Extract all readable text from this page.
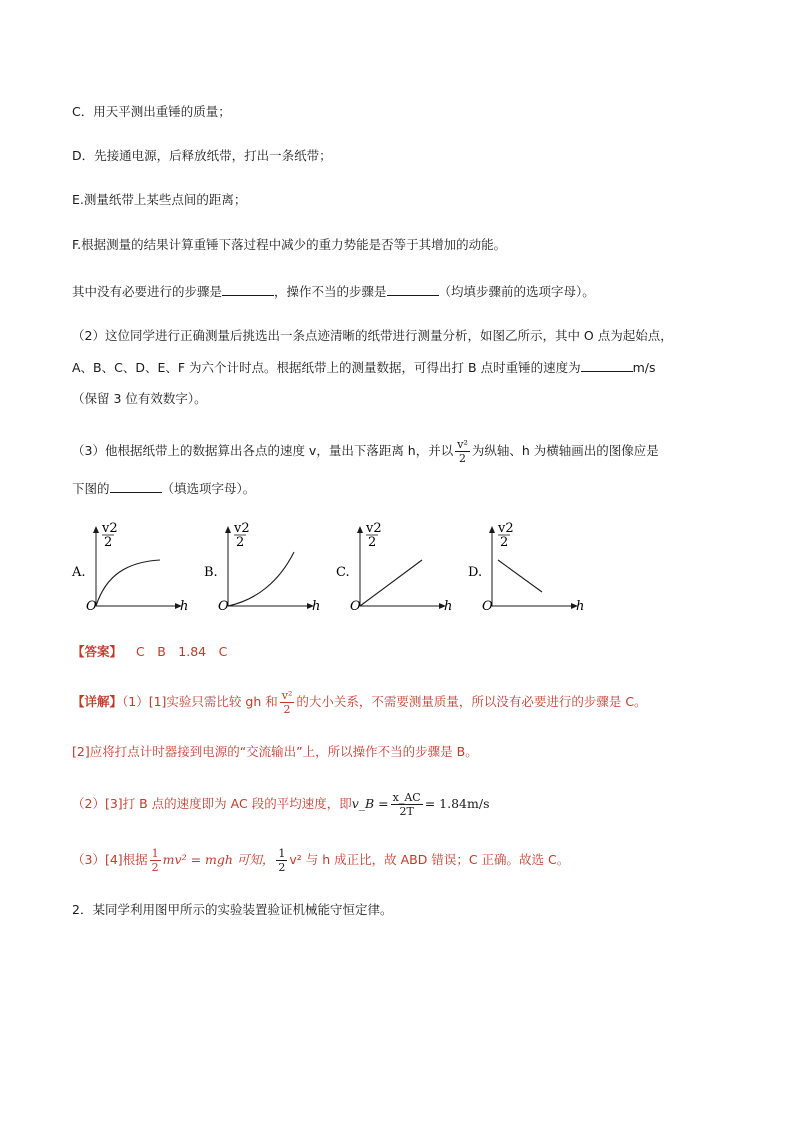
C．用天平测出重锤的质量；
D．先接通电源，后释放纸带，打出一条纸带；
E.测量纸带上某些点间的距离；
F.根据测量的结果计算重锤下落过程中减少的重力势能是否等于其增加的动能。
其中没有必要进行的步骤是	，操作不当的步骤是	（均填步骤前的选项字母）。
（2）这位同学进行正确测量后挑选出一条点迹清晰的纸带进行测量分析，如图乙所示，其中 O 点为起始点，
A、B、C、D、E、F 为六个计时点。根据纸带上的测量数据，可得出打 B 点时重锤的速度为	m/s
（保留 3 位有效数字）。
（3）他根据纸带上的数据算出各点的速度 v，量出下落距离 h，并以 $\frac{\text{v²}}{2}$ 为纵轴、h 为横轴画出的图像应是
下图的	（填选项字母）。
A.
v2
2
O	h
B.
v2
2
O	h
C.
v2
2
O	h
D.
v2
2
O	h
【答案】 C　B　1.84　C
【详解】（1）[1]实验只需比较 gh 和 $\frac{\text{v²}}{2}$ 的大小关系，不需要测量质量，所以没有必要进行的步骤是 C。
[2]应将打点计时器接到电源的“交流输出”上，所以操作不当的步骤是 B。
（2）[3]打 B 点的速度即为 AC 段的平均速度，即v_B = $\frac{x\_AC}{2T} = 1.84m/s$
（3）[4]根据 $\frac{1}{2} mv^2$ = mgh 可知， $\frac{1}{2} v^2$ 与 h 成正比，故 ABD 错误；C 正确。故选 C。
2．某同学利用图甲所示的实验装置验证机械能守恒定律。
